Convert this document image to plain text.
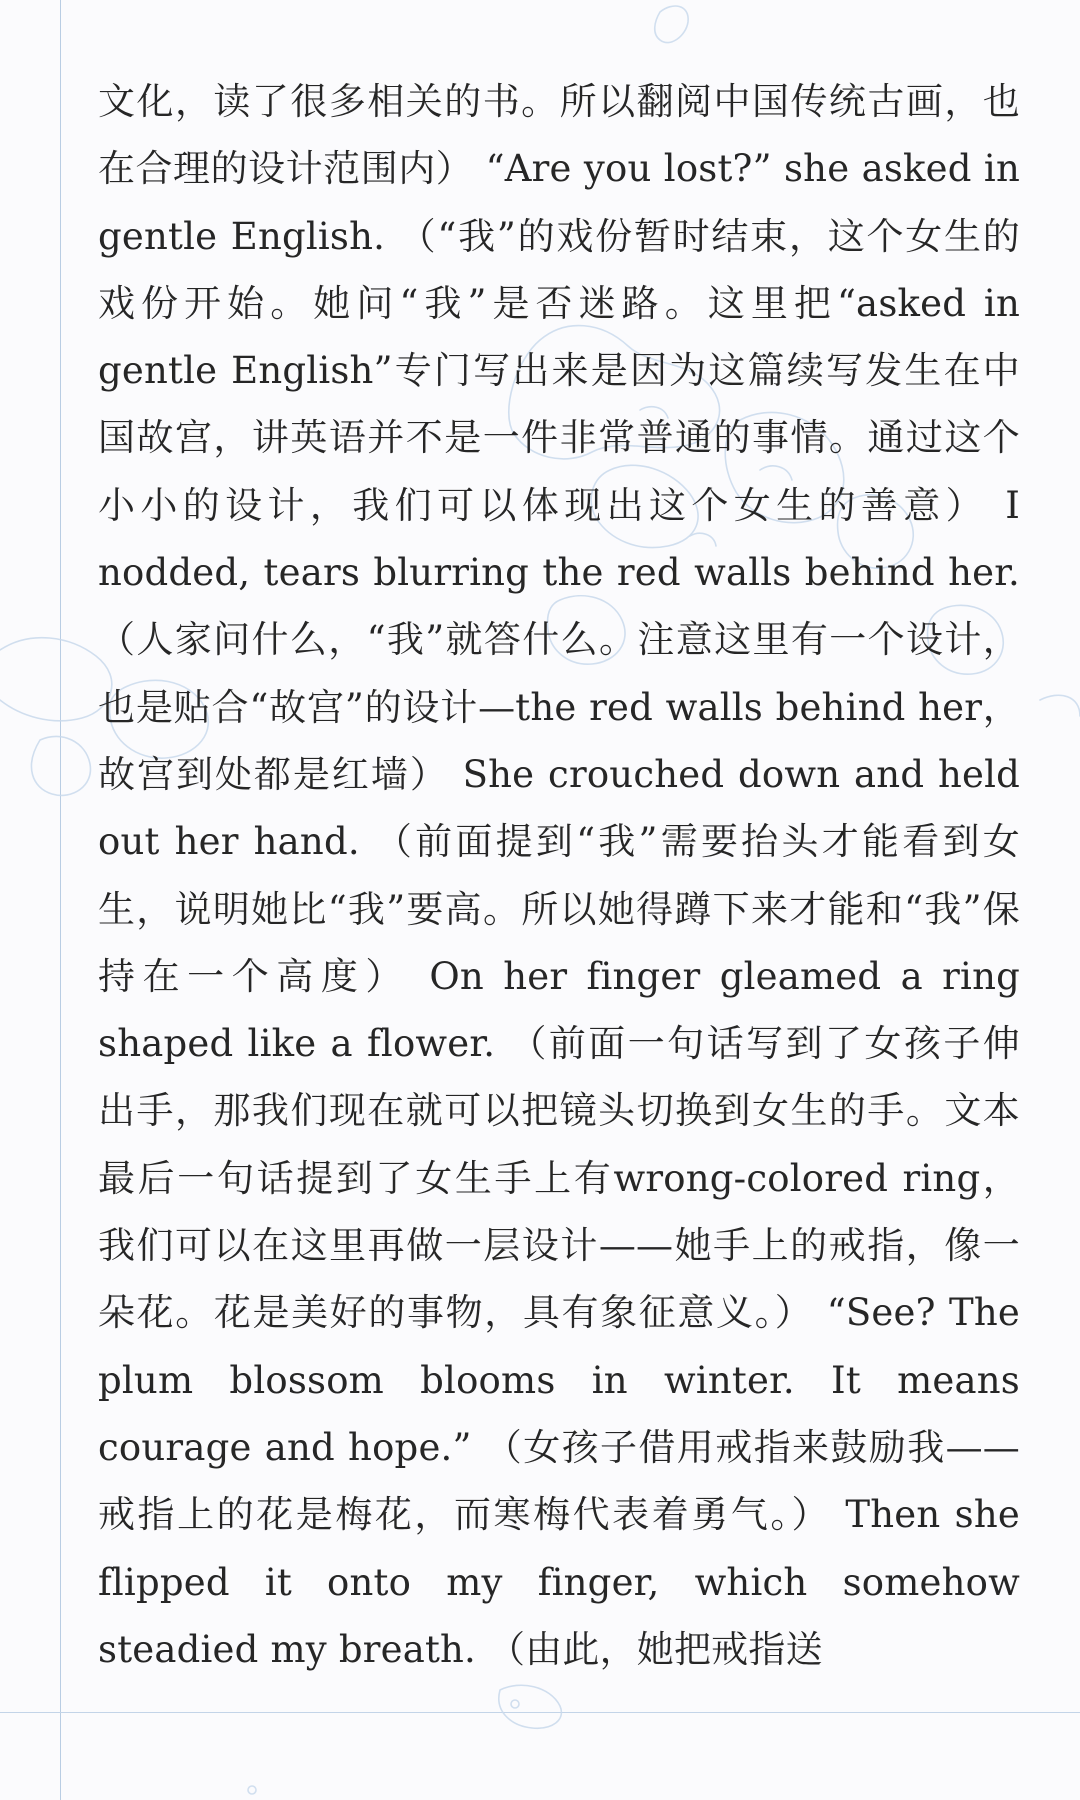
文化，读了很多相关的书。所以翻阅中国传统古画，也在合理的设计范围内） “Are you lost?” she asked in gentle English. （“我”的戏份暂时结束，这个女生的戏份开始。她问“我”是否迷路。这里把“asked in gentle English”专门写出来是因为这篇续写发生在中国故宫，讲英语并不是一件非常普通的事情。通过这个小小的设计，我们可以体现出这个女生的善意） I nodded, tears blurring the red walls behind her. （人家问什么，“我”就答什么。注意这里有一个设计，也是贴合“故宫”的设计—the red walls behind her，故宫到处都是红墙） She crouched down and held out her hand. （前面提到“我”需要抬头才能看到女生，说明她比“我”要高。所以她得蹲下来才能和“我”保持在一个高度） On her finger gleamed a ring shaped like a flower. （前面一句话写到了女孩子伸出手，那我们现在就可以把镜头切换到女生的手。文本最后一句话提到了女生手上有wrong-colored ring，我们可以在这里再做一层设计——她手上的戒指，像一朵花。花是美好的事物，具有象征意义。） “See? The plum blossom blooms in winter. It means courage and hope.” （女孩子借用戒指来鼓励我——戒指上的花是梅花，而寒梅代表着勇气。） Then she flipped it onto my finger, which somehow steadied my breath. （由此，她把戒指送
